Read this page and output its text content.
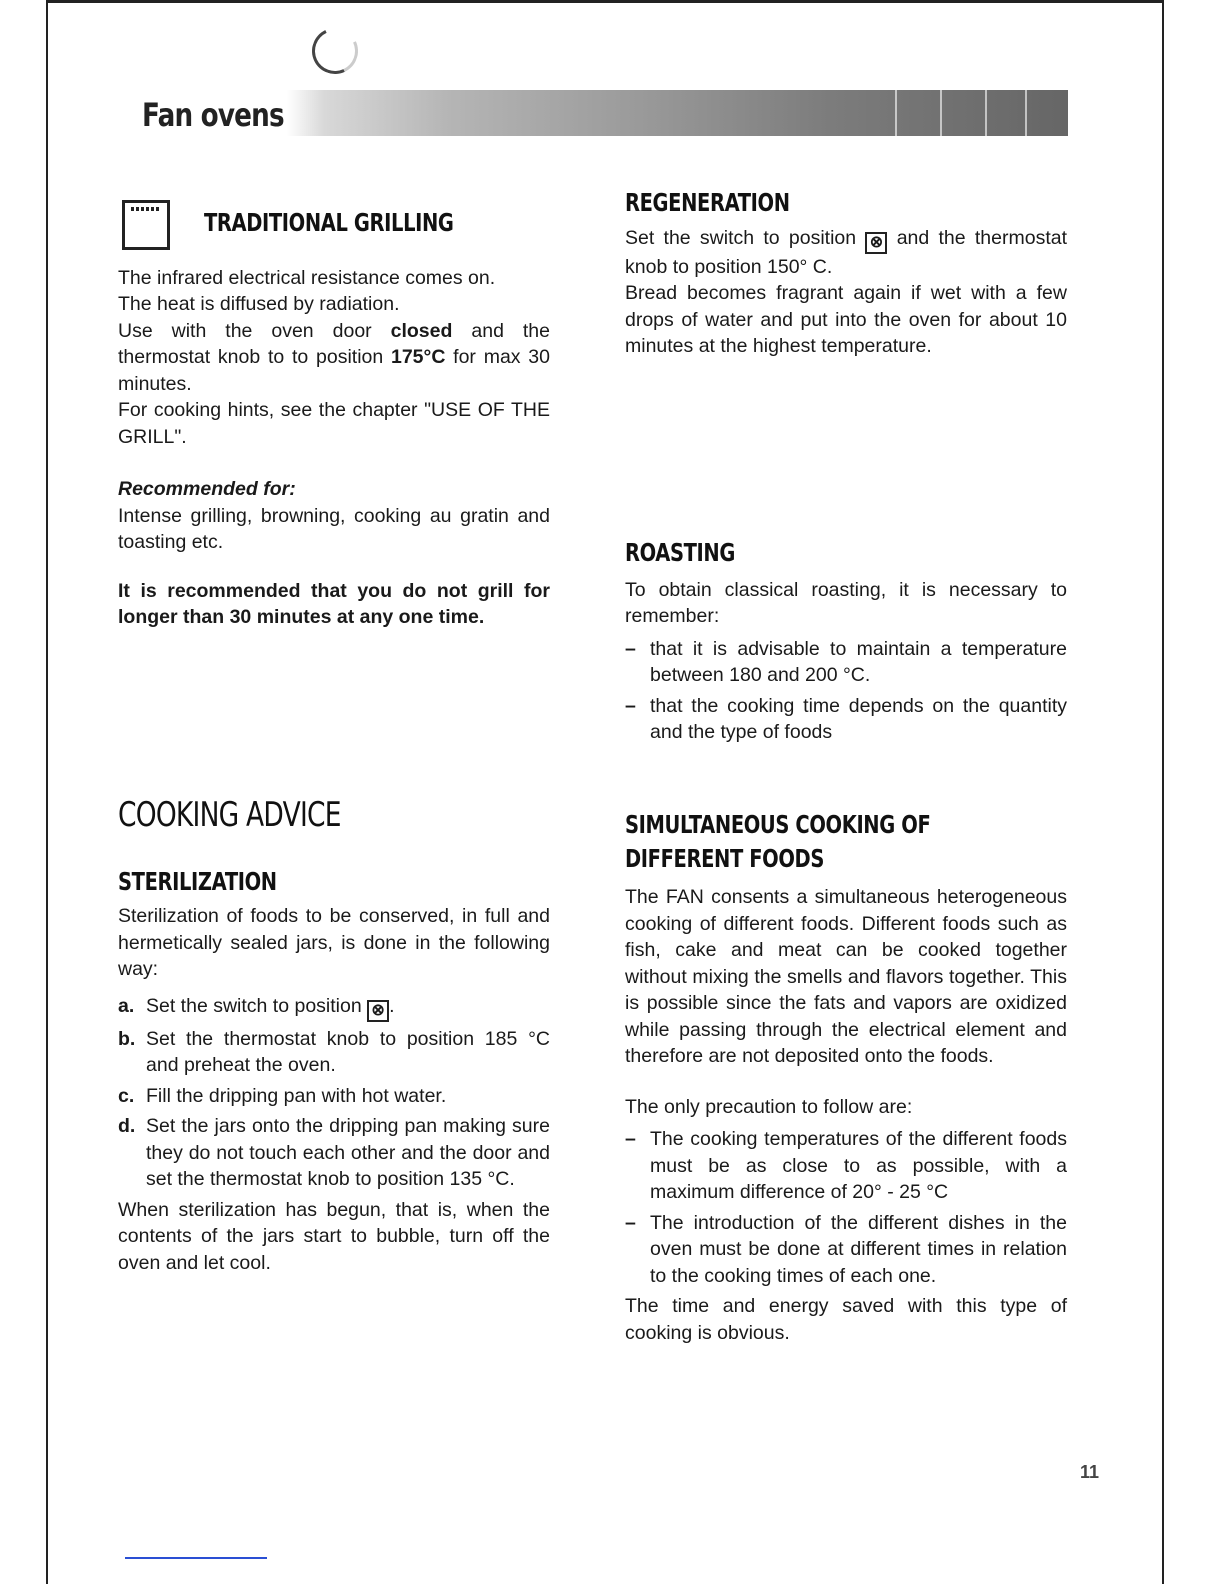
Fan ovens
TRADITIONAL GRILLING

The infrared electrical resistance comes on.

The heat is diffused by radiation.

Use with the oven door closed and the thermostat knob to to position 175°C for max 30 minutes.

For cooking hints, see the chapter "USE OF THE GRILL".

Recommended for:

Intense grilling, browning, cooking au gratin and toasting etc.

It is recommended that you do not grill for longer than 30 minutes at any one time.

COOKING ADVICE
STERILIZATION

Sterilization of foods to be conserved, in full and hermetically sealed jars, is done in the following way:

a. Set the switch to position ⊗ .
b. Set the thermostat knob to position 185 °C and preheat the oven.
c. Fill the dripping pan with hot water.
d. Set the jars onto the dripping pan making sure they do not touch each other and the door and set the thermostat knob to position 135 °C.

When sterilization has begun, that is, when the contents of the jars start to bubble, turn off the oven and let cool.

REGENERATION

Set the switch to position ⊗ and the thermostat knob to position 150° C.

Bread becomes fragrant again if wet with a few drops of water and put into the oven for about 10 minutes at the highest temperature.

ROASTING

To obtain classical roasting, it is necessary to remember:

– that it is advisable to maintain a temperature between 180 and 200 °C.
– that the cooking time depends on the quantity and the type of foods
SIMULTANEOUS COOKING OF
DIFFERENT FOODS

The FAN consents a simultaneous heterogeneous cooking of different foods. Different foods such as fish, cake and meat can be cooked together without mixing the smells and flavors together. This is possible since the fats and vapors are oxidized while passing through the electrical element and therefore are not deposited onto the foods.

The only precaution to follow are:

– The cooking temperatures of the different foods must be as close to as possible, with a maximum difference of 20° - 25 °C
– The introduction of the different dishes in the oven must be done at different times in relation to the cooking times of each one.

The time and energy saved with this type of cooking is obvious.

11
